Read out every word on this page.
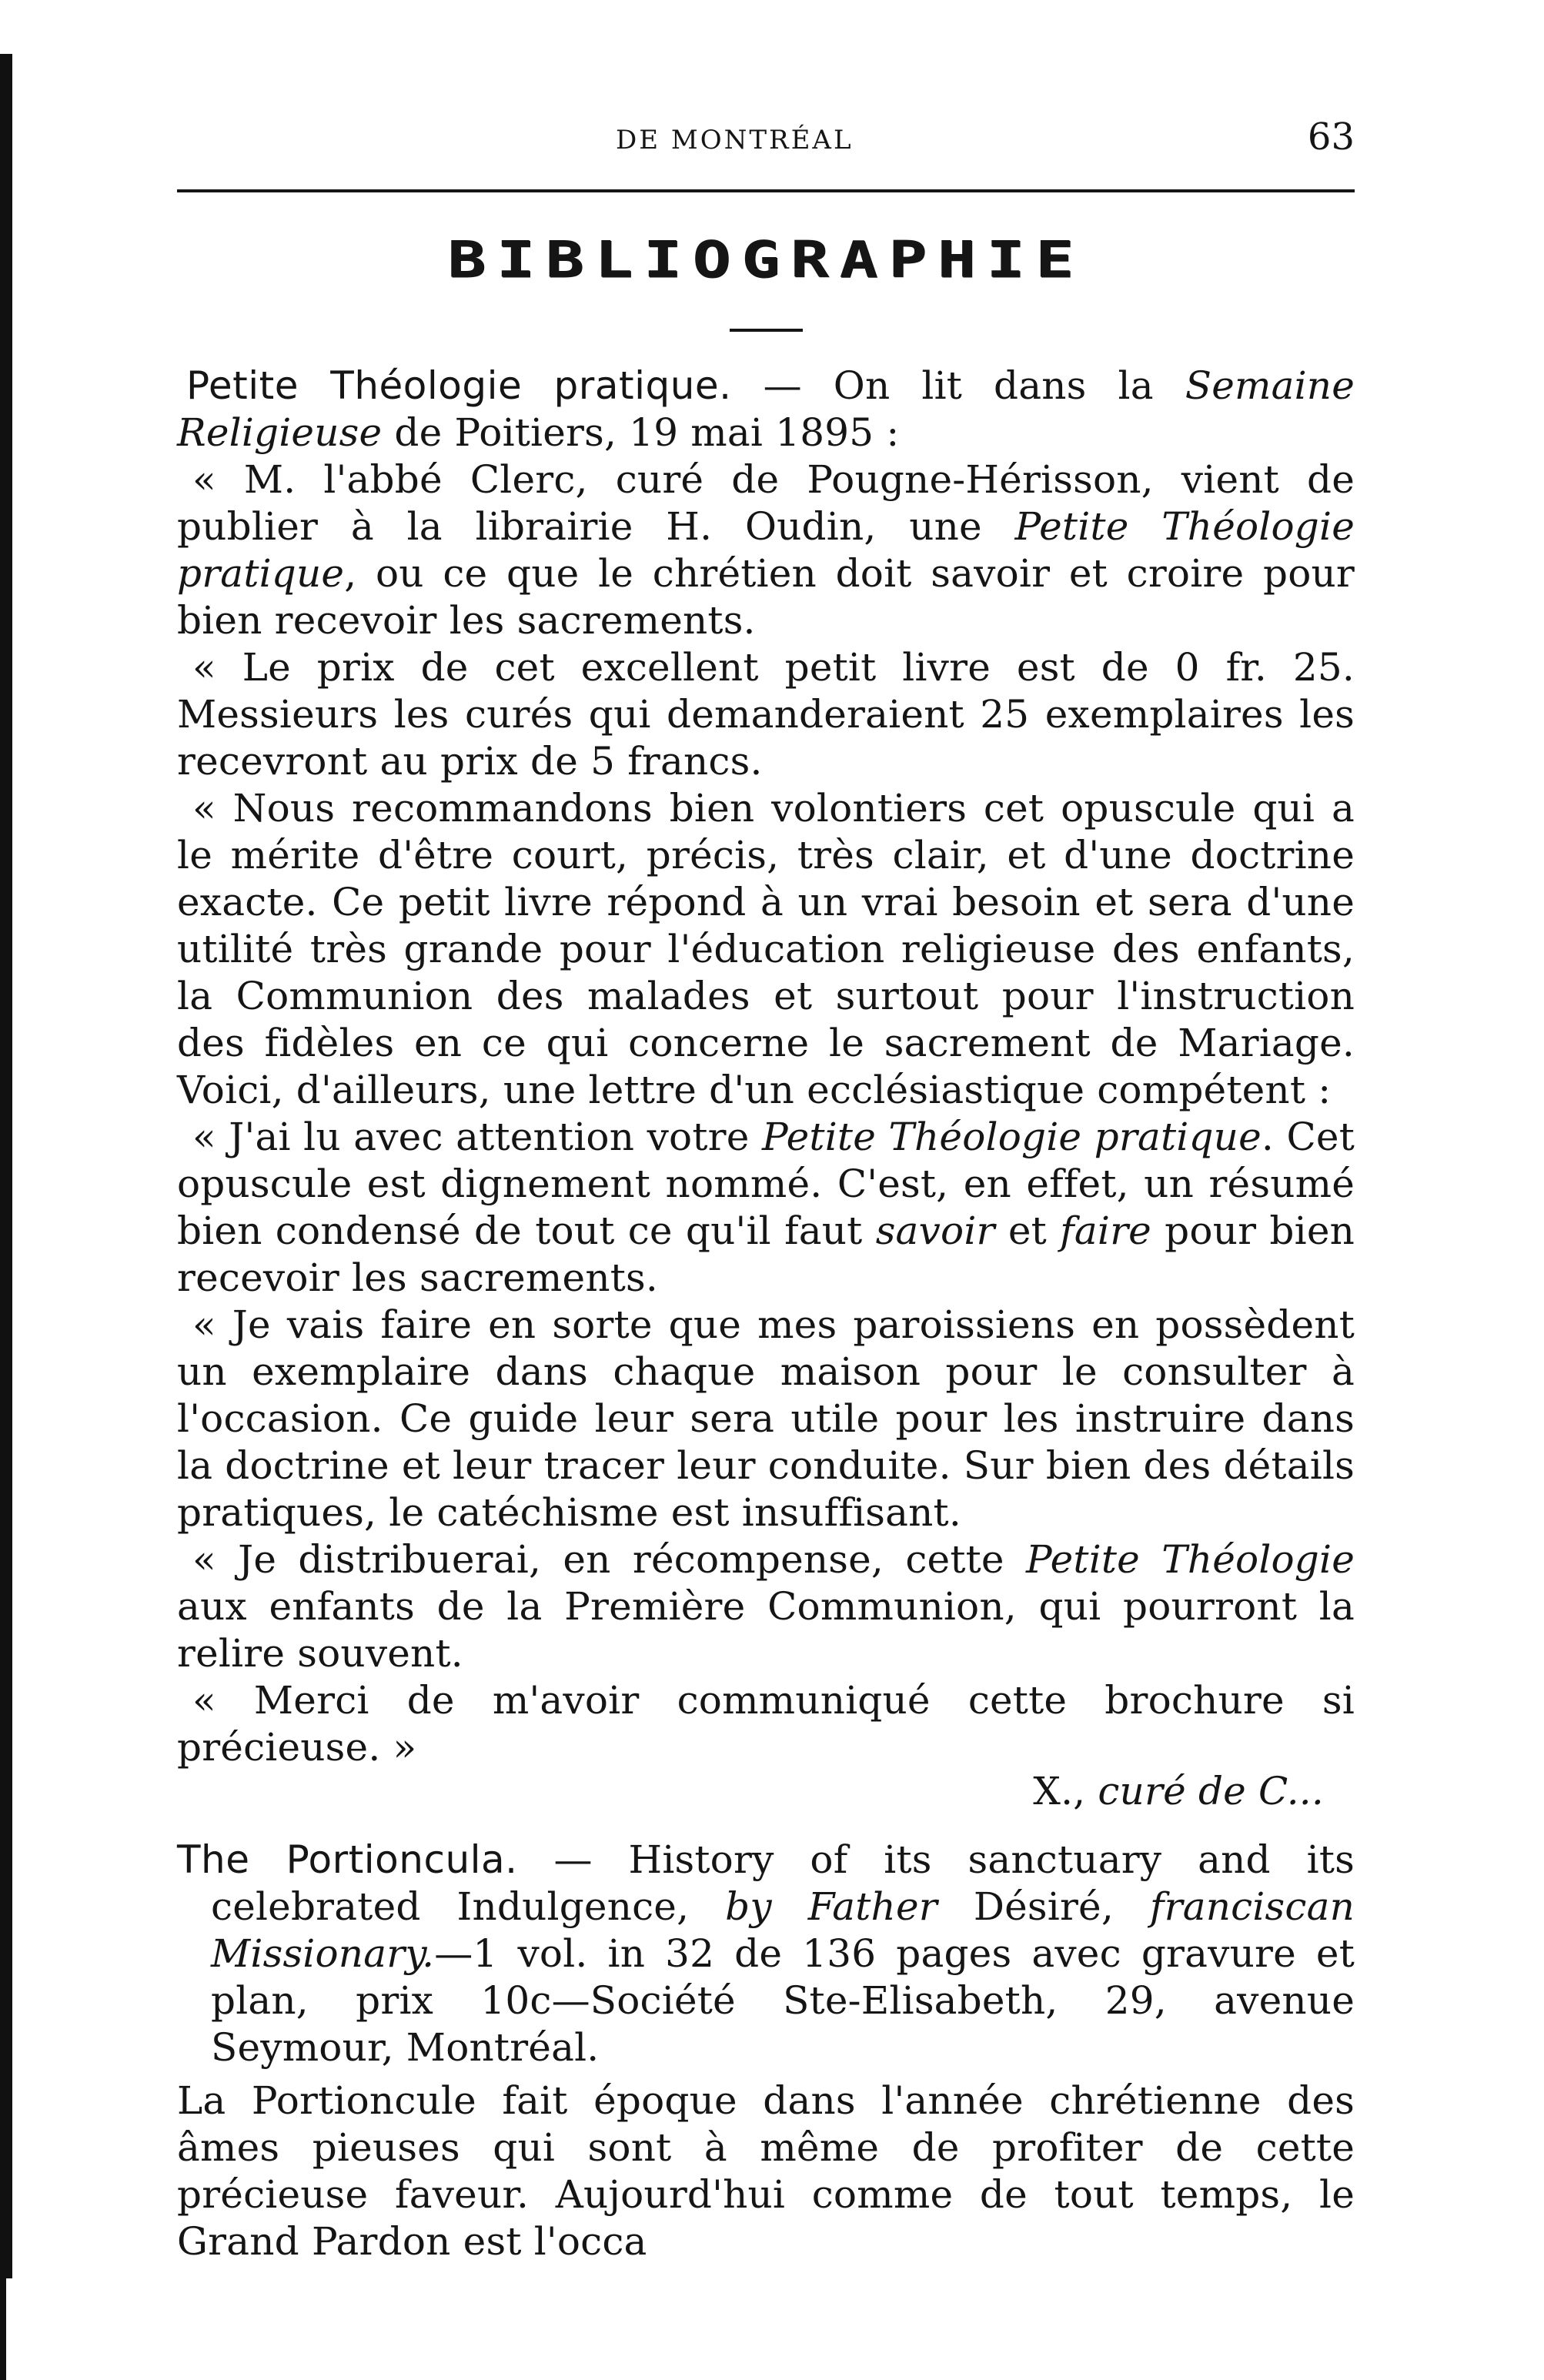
DE MONTRÉAL	63
BIBLIOGRAPHIE

Petite Théologie pratique. — On lit dans la Semaine Religieuse de Poitiers, 19 mai 1895 :

« M. l'abbé Clerc, curé de Pougne-Hérisson, vient de publier à la librairie H. Oudin, une Petite Théologie pratique, ou ce que le chrétien doit savoir et croire pour bien recevoir les sacrements.

« Le prix de cet excellent petit livre est de 0 fr. 25. Messieurs les curés qui demanderaient 25 exemplaires les recevront au prix de 5 francs.

« Nous recommandons bien volontiers cet opuscule qui a le mérite d'être court, précis, très clair, et d'une doctrine exacte. Ce petit livre répond à un vrai besoin et sera d'une utilité très grande pour l'éducation religieuse des enfants, la Communion des malades et surtout pour l'instruction des fidèles en ce qui concerne le sacrement de Mariage. Voici, d'ailleurs, une lettre d'un ecclésiastique compétent :

« J'ai lu avec attention votre Petite Théologie pratique. Cet opuscule est dignement nommé. C'est, en effet, un résumé bien condensé de tout ce qu'il faut savoir et faire pour bien recevoir les sacrements.

« Je vais faire en sorte que mes paroissiens en possèdent un exemplaire dans chaque maison pour le consulter à l'occasion. Ce guide leur sera utile pour les instruire dans la doctrine et leur tracer leur conduite. Sur bien des détails pratiques, le catéchisme est insuffisant.

« Je distribuerai, en récompense, cette Petite Théologie aux enfants de la Première Communion, qui pourront la relire souvent.

« Merci de m'avoir communiqué cette brochure si précieuse. »

X., curé de C...

The Portioncula. — History of its sanctuary and its celebrated Indulgence, by Father Désiré, franciscan Missionary.—1 vol. in 32 de 136 pages avec gravure et plan, prix 10c—Société Ste-Elisabeth, 29, avenue Seymour, Montréal.

La Portioncule fait époque dans l'année chrétienne des âmes pieuses qui sont à même de profiter de cette précieuse faveur. Aujourd'hui comme de tout temps, le Grand Pardon est l'occa
